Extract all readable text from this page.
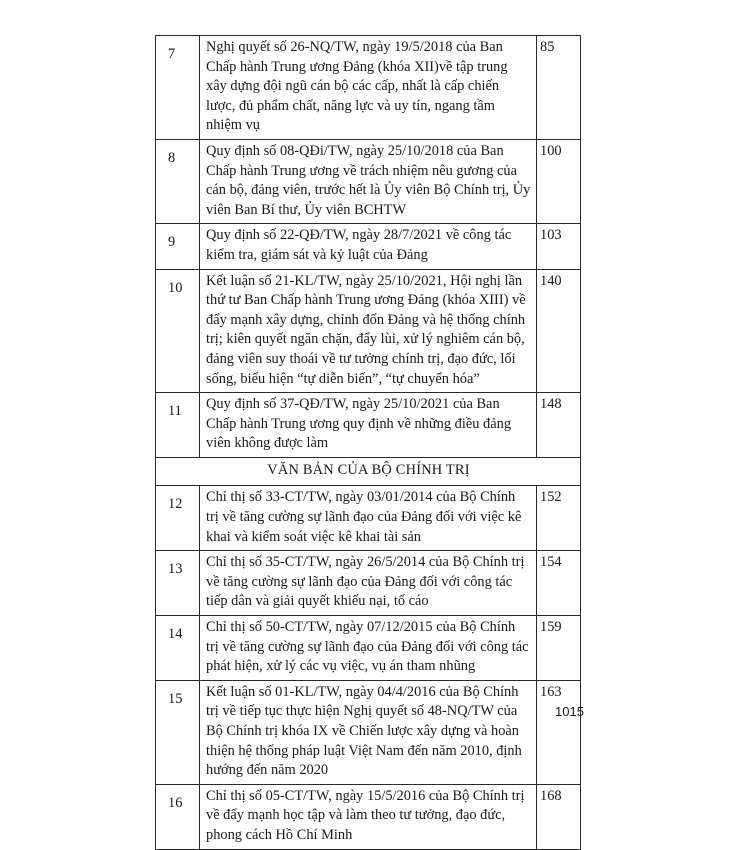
7	Nghị quyết số 26-NQ/TW, ngày 19/5/2018 của Ban Chấp hành Trung ương Đảng (khóa XII)về tập trung xây dựng đội ngũ cán bộ các cấp, nhất là cấp chiến lược, đủ phẩm chất, năng lực và uy tín, ngang tầm nhiệm vụ	85
8	Quy định số 08-QĐi/TW, ngày 25/10/2018 của Ban Chấp hành Trung ương về trách nhiệm nêu gương của cán bộ, đảng viên, trước hết là Ủy viên Bộ Chính trị, Ủy viên Ban Bí thư, Ủy viên BCHTW	100
9	Quy định số 22-QĐ/TW, ngày 28/7/2021 về công tác kiểm tra, giám sát và kỷ luật của Đảng	103
10	Kết luận số 21-KL/TW, ngày 25/10/2021, Hội nghị lần thứ tư Ban Chấp hành Trung ương Đảng (khóa XIII) về đẩy mạnh xây dựng, chỉnh đốn Đảng và hệ thống chính trị; kiên quyết ngăn chặn, đẩy lùi, xử lý nghiêm cán bộ, đảng viên suy thoái về tư tưởng chính trị, đạo đức, lối sống, biểu hiện “tự diễn biến”, “tự chuyển hóa”	140
11	Quy định số 37-QĐ/TW, ngày 25/10/2021 của Ban Chấp hành Trung ương quy định về những điều đảng viên không được làm	148
VĂN BẢN CỦA BỘ CHÍNH TRỊ		
12	Chỉ thị số 33-CT/TW, ngày 03/01/2014 của Bộ Chính trị về tăng cường sự lãnh đạo của Đảng đối với việc kê khai và kiểm soát việc kê khai tài sản	152
13	Chỉ thị số 35-CT/TW, ngày 26/5/2014 của Bộ Chính trị về tăng cường sự lãnh đạo của Đảng đối với công tác tiếp dân và giải quyết khiếu nại, tố cáo	154
14	Chỉ thị số 50-CT/TW, ngày 07/12/2015 của Bộ Chính trị về tăng cường sự lãnh đạo của Đảng đối với công tác phát hiện, xử lý các vụ việc, vụ án tham nhũng	159
15	Kết luận số 01-KL/TW, ngày 04/4/2016 của Bộ Chính trị về tiếp tục thực hiện Nghị quyết số 48-NQ/TW của Bộ Chính trị khóa IX về Chiến lược xây dựng và hoàn thiện hệ thống pháp luật Việt Nam đến năm 2010, định hướng đến năm 2020	163
16	Chỉ thị số 05-CT/TW, ngày 15/5/2016 của Bộ Chính trị về đẩy mạnh học tập và làm theo tư tưởng, đạo đức, phong cách Hồ Chí Minh	168
1015
